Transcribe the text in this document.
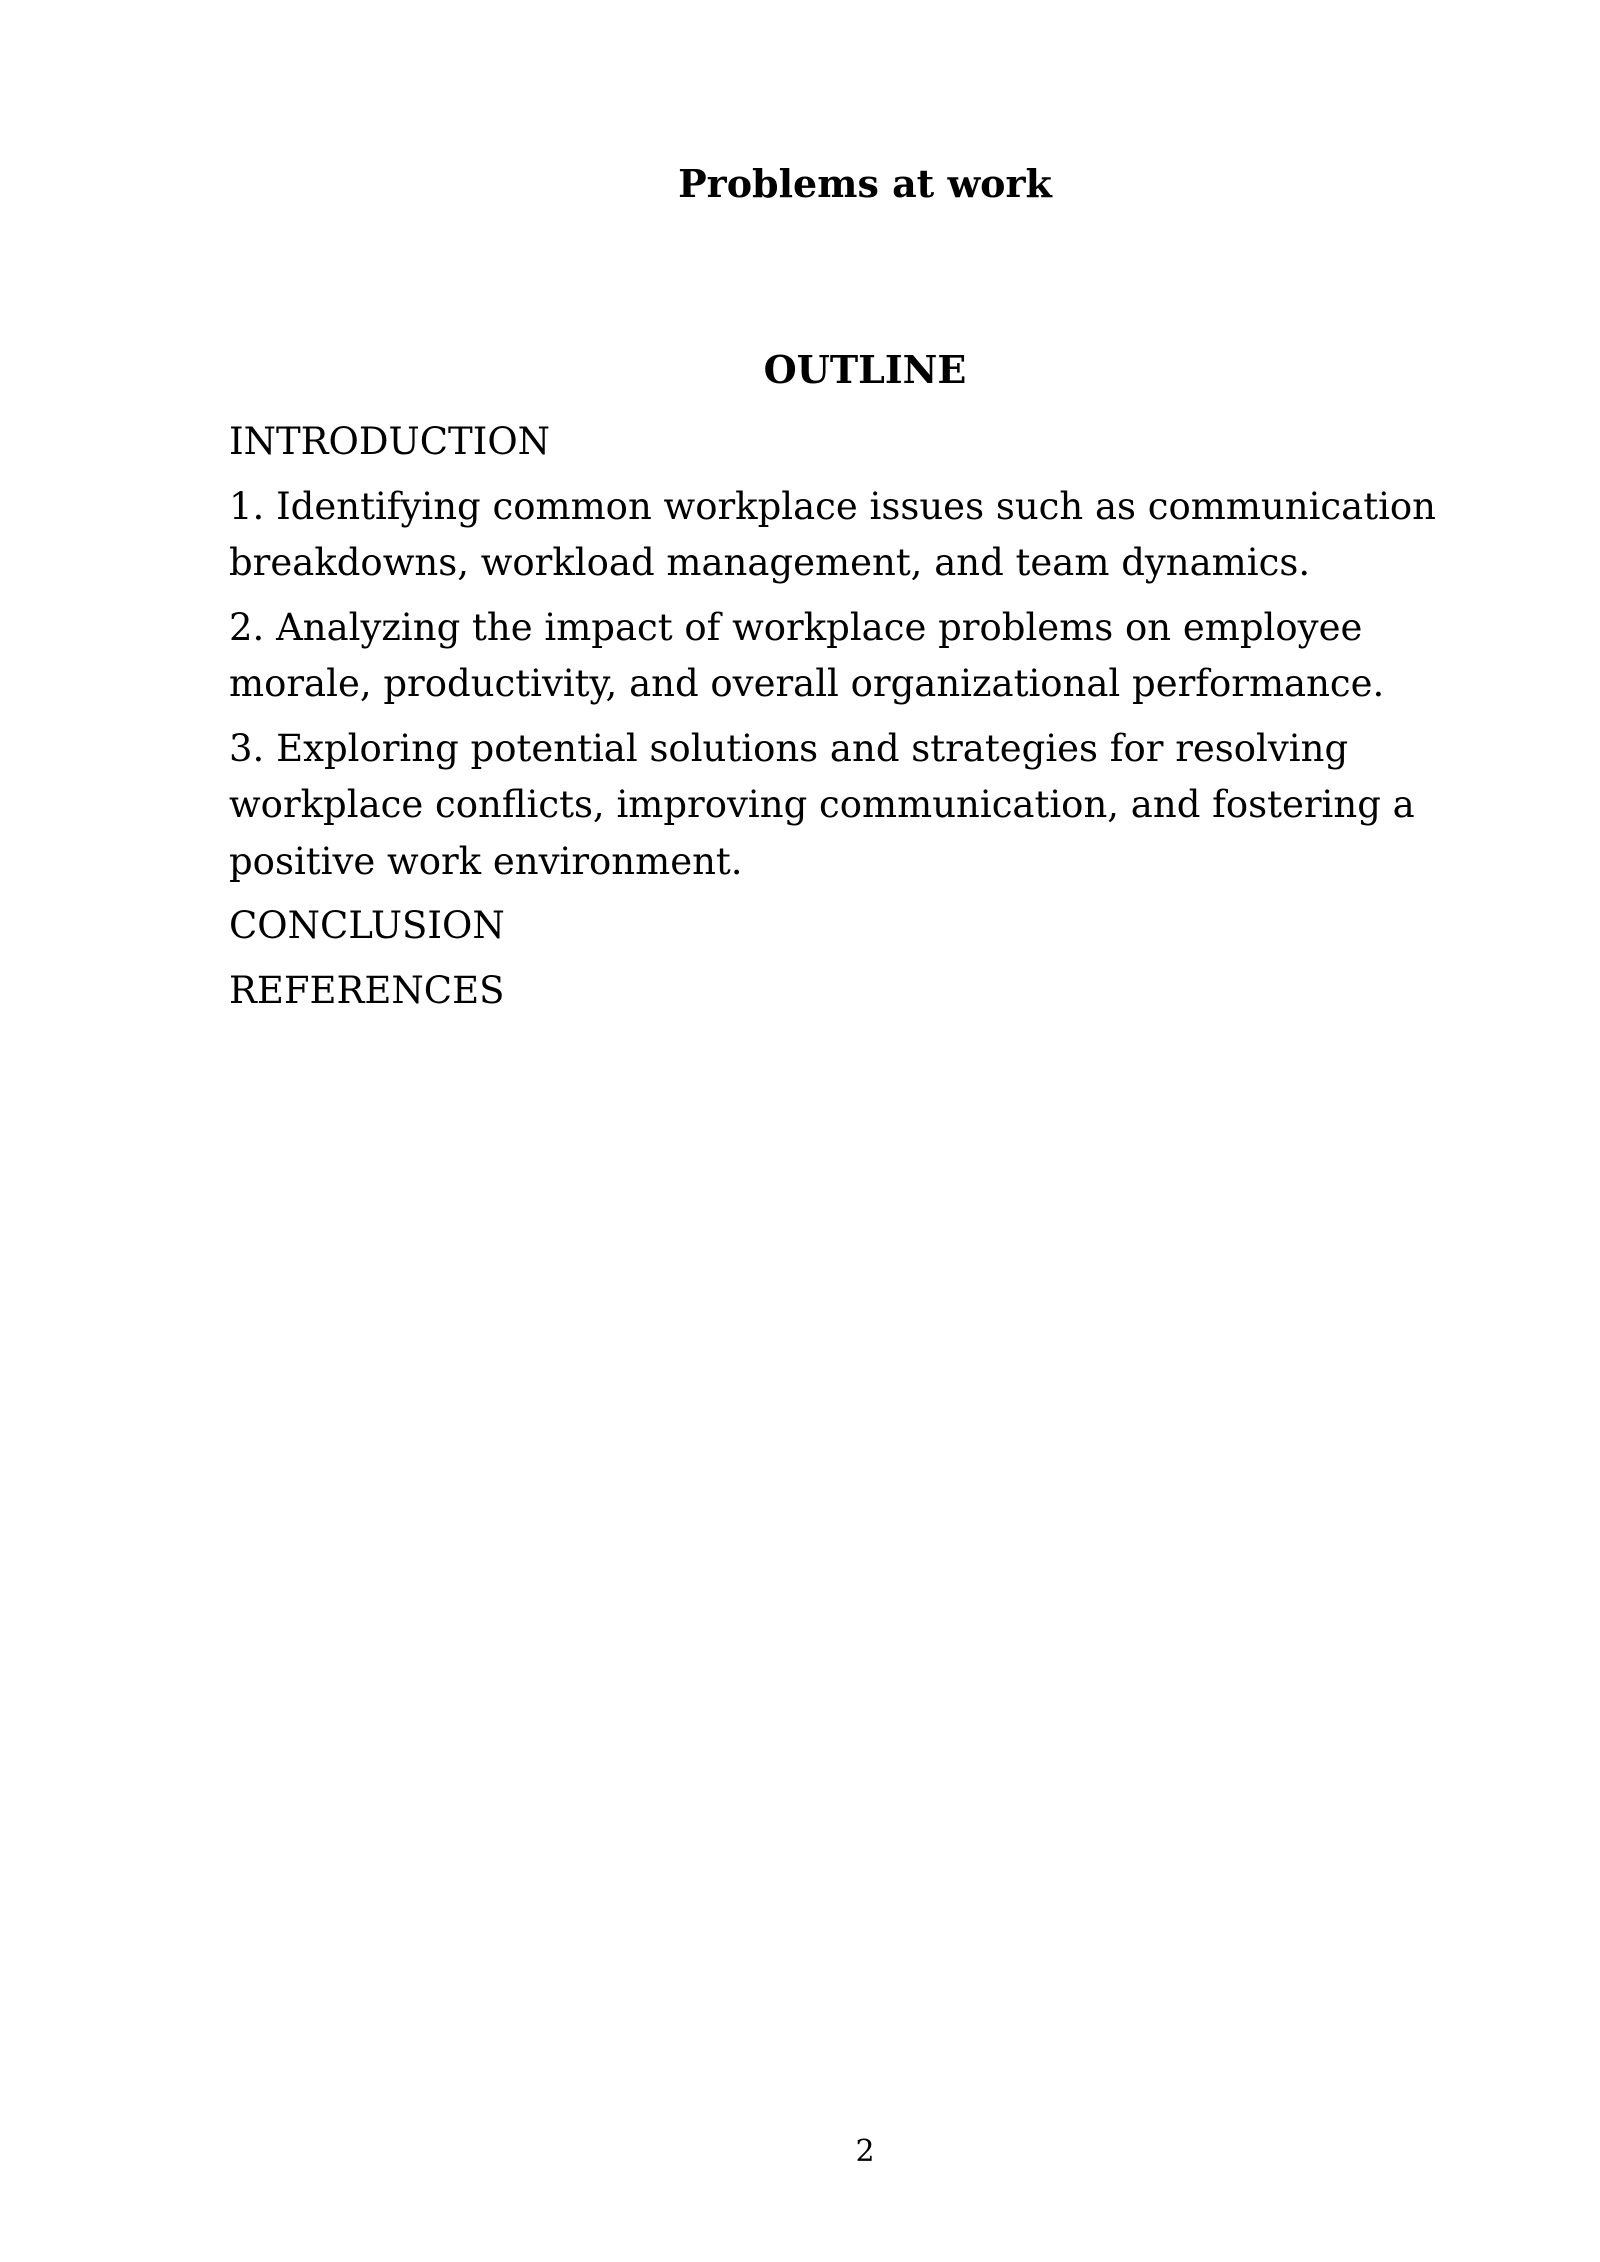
Problems at work
OUTLINE

INTRODUCTION

1. Identifying common workplace issues such as communication
breakdowns, workload management, and team dynamics.

2. Analyzing the impact of workplace problems on employee
morale, productivity, and overall organizational performance.

3. Exploring potential solutions and strategies for resolving
workplace conflicts, improving communication, and fostering a
positive work environment.

CONCLUSION

REFERENCES

2
